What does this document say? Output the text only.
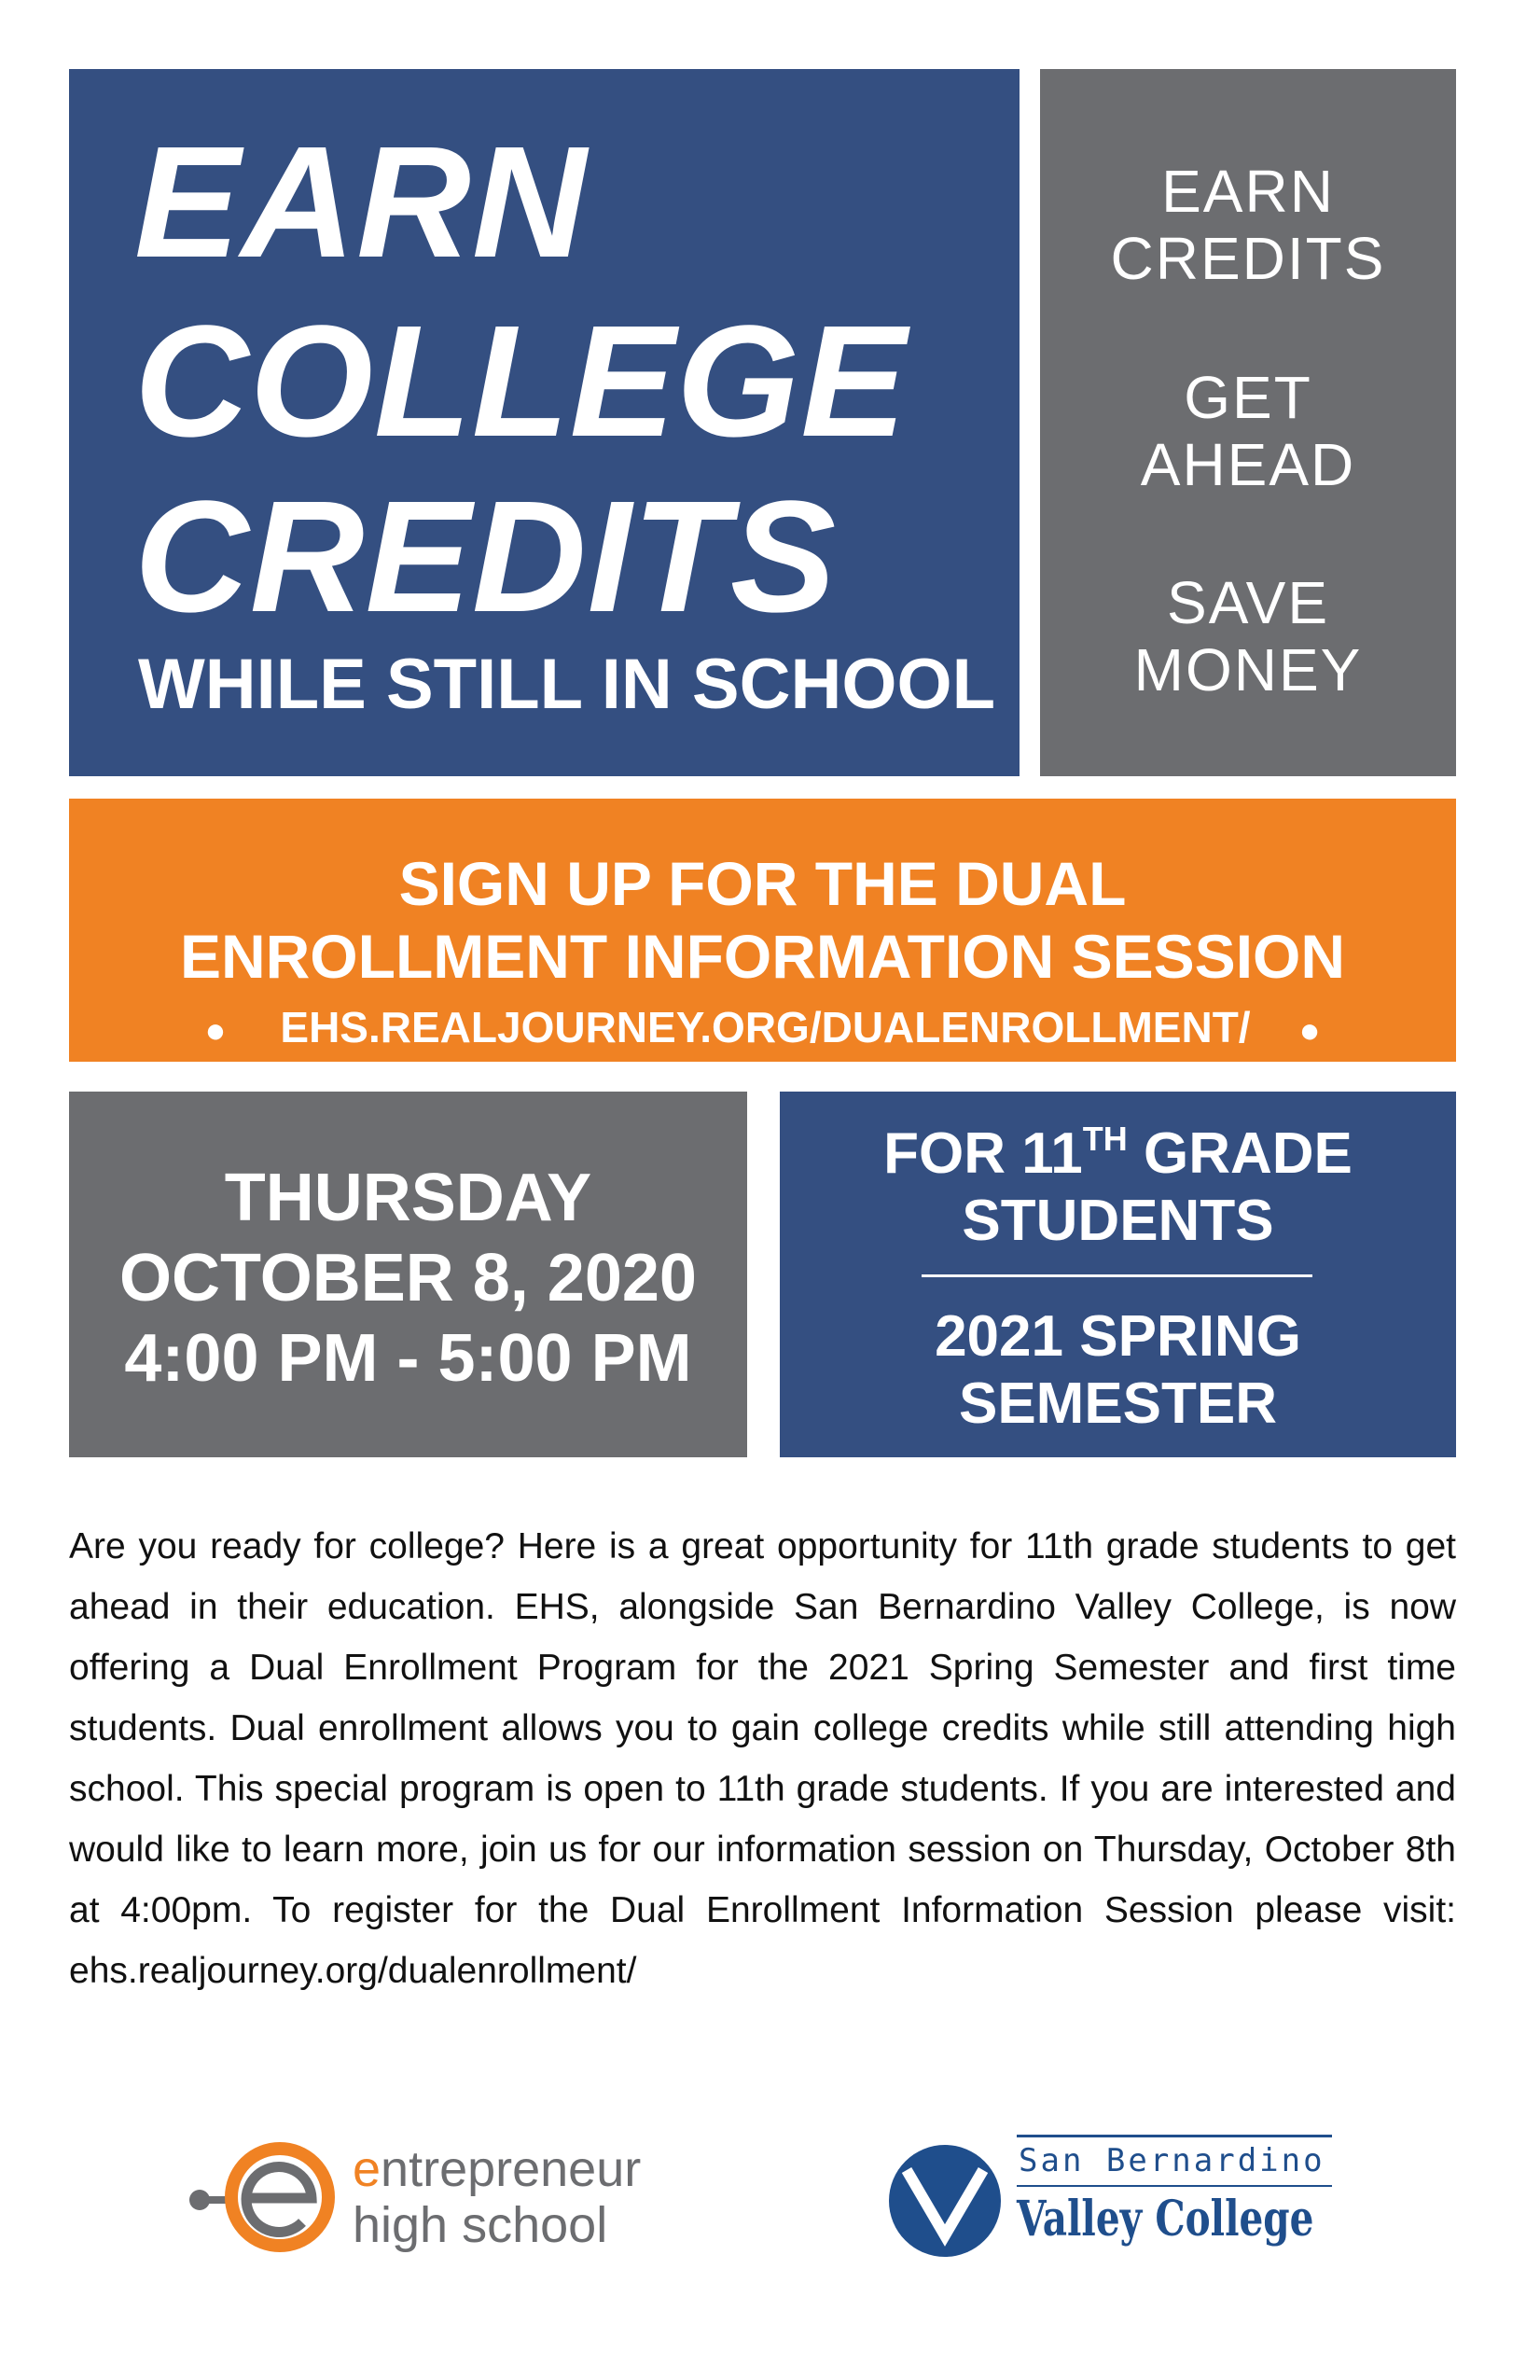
EARN
COLLEGE
CREDITS
WHILE STILL IN SCHOOL
EARN
CREDITS
GET
AHEAD
SAVE
MONEY
SIGN UP FOR THE DUAL
ENROLLMENT INFORMATION SESSION
● EHS.REALJOURNEY.ORG/DUALENROLLMENT/ ●
THURSDAY
OCTOBER 8, 2020
4:00 PM - 5:00 PM
FOR 11TH GRADE
STUDENTS
2021 SPRING
SEMESTER

Are you ready for college? Here is a great opportunity for 11th grade students to get ahead in their education. EHS, alongside San Bernardino Valley College, is now offering a Dual Enrollment Program for the 2021 Spring Semester and first time students. Dual enrollment allows you to gain college credits while still attending high school. This special program is open to 11th grade students. If you are interested and would like to learn more, join us for our information session on Thursday, October 8th at 4:00pm. To register for the Dual Enrollment Information Session please visit: ehs.realjourney.org/dualenrollment/

entrepreneur
high school
San Bernardino
Valley College
